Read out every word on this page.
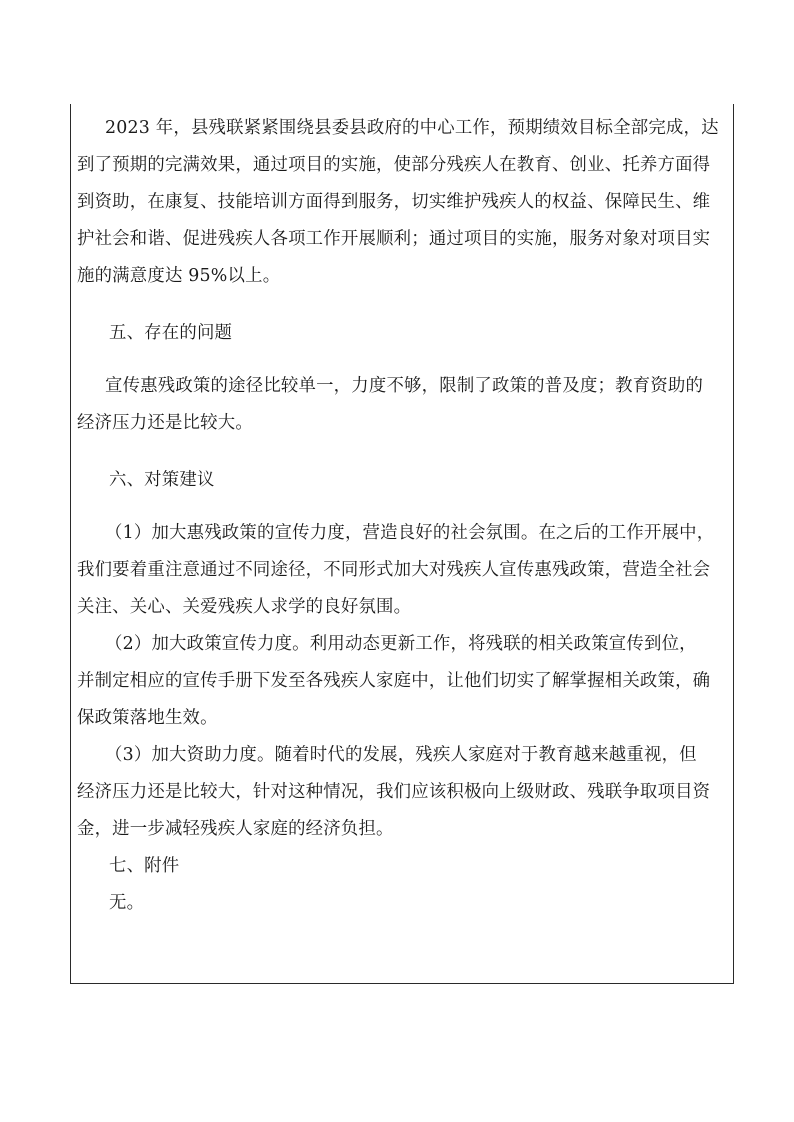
2023 年，县残联紧紧围绕县委县政府的中心工作，预期绩效目标全部完成，达
到了预期的完满效果，通过项目的实施，使部分残疾人在教育、创业、托养方面得
到资助，在康复、技能培训方面得到服务，切实维护残疾人的权益、保障民生、维
护社会和谐、促进残疾人各项工作开展顺利；通过项目的实施，服务对象对项目实
施的满意度达 95%以上。
五、存在的问题
宣传惠残政策的途径比较单一，力度不够，限制了政策的普及度；教育资助的
经济压力还是比较大。
六、对策建议
（1）加大惠残政策的宣传力度，营造良好的社会氛围。在之后的工作开展中，
我们要着重注意通过不同途径，不同形式加大对残疾人宣传惠残政策，营造全社会
关注、关心、关爱残疾人求学的良好氛围。
（2）加大政策宣传力度。利用动态更新工作，将残联的相关政策宣传到位，
并制定相应的宣传手册下发至各残疾人家庭中，让他们切实了解掌握相关政策，确
保政策落地生效。
（3）加大资助力度。随着时代的发展，残疾人家庭对于教育越来越重视，但
经济压力还是比较大，针对这种情况，我们应该积极向上级财政、残联争取项目资
金，进一步减轻残疾人家庭的经济负担。
七、附件
无。
